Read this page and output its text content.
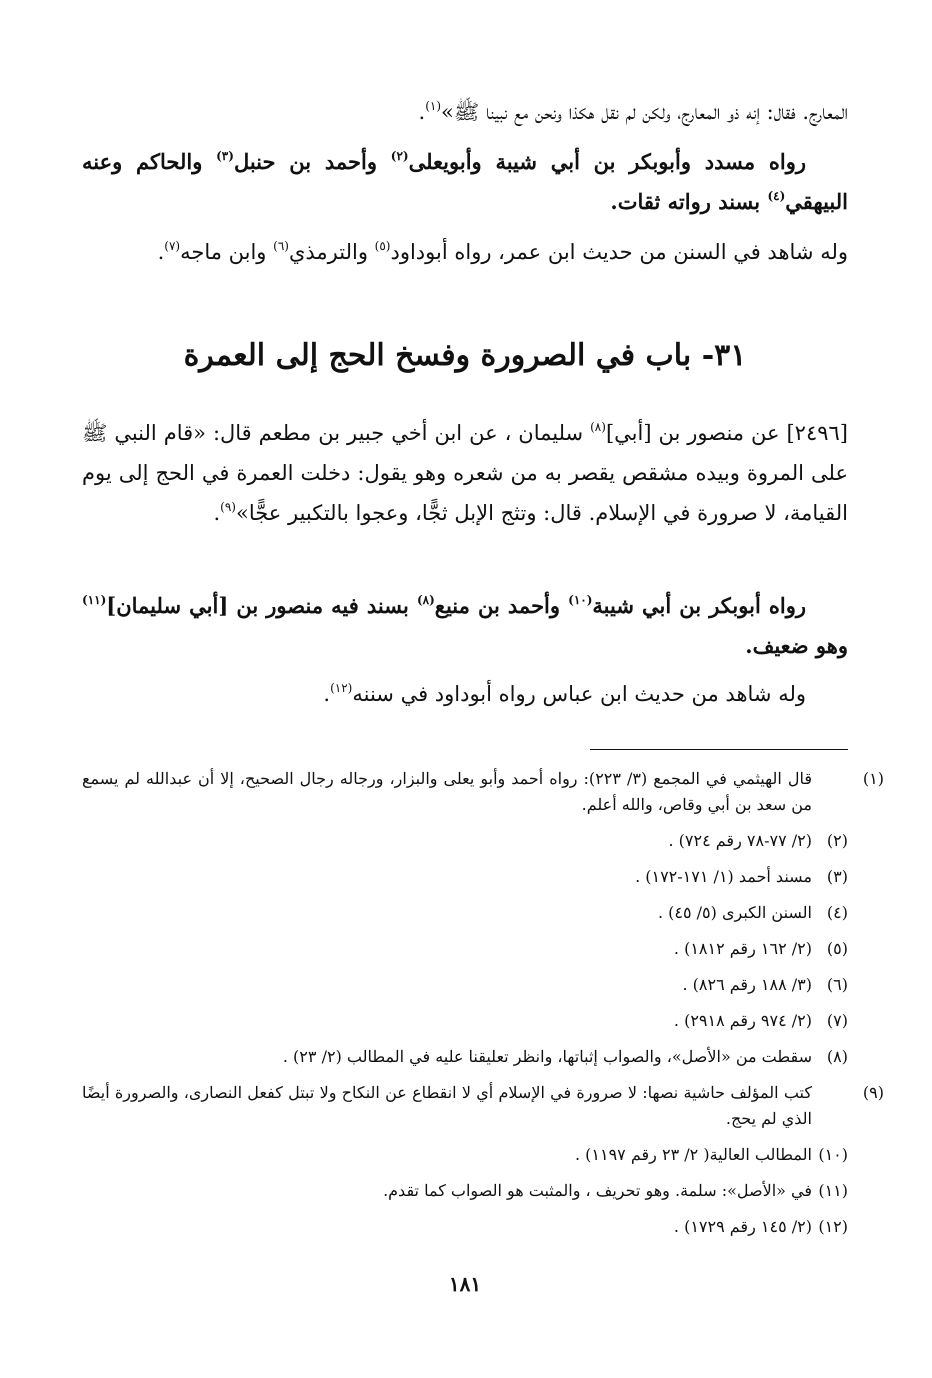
المعارج. فقال: إنه ذو المعارج، ولكن لم نقل هكذا ونحن مع نبينا ﷺ»$^{(١)}$.

رواه مسدد وأبوبكر بن أبي شيبة وأبويعلى$^{(٢)}$ وأحمد بن حنبل$^{(٣)}$ والحاكم وعنه البيهقي$^{(٤)}$ بسند رواته ثقات.

وله شاهد في السنن من حديث ابن عمر، رواه أبوداود$^{(٥)}$ والترمذي$^{(٦)}$ وابن ماجه$^{(٧)}$.

٣١- باب في الصرورة وفسخ الحج إلى العمرة

[٢٤٩٦] عن منصور بن [أبي]$^{(٨)}$ سليمان ، عن ابن أخي جبير بن مطعم قال: «قام النبي ﷺ على المروة وبيده مشقص يقصر به من شعره وهو يقول: دخلت العمرة في الحج إلى يوم القيامة، لا صرورة في الإسلام. قال: وتثج الإبل ثجًّا، وعجوا بالتكبير عجًّا»$^{(٩)}$.

رواه أبوبكر بن أبي شيبة$^{(١٠)}$ وأحمد بن منيع$^{(٨)}$ بسند فيه منصور بن [أبي سليمان]$^{(١١)}$ وهو ضعيف.

وله شاهد من حديث ابن عباس رواه أبوداود في سننه$^{(١٢)}$.

(١)قال الهيثمي في المجمع (٣/ ٢٢٣): رواه أحمد وأبو يعلى والبزار، ورجاله رجال الصحيح، إلا أن عبدالله لم يسمع من سعد بن أبي وقاص، والله أعلم.
(٢)(٢/ ٧٧-٧٨ رقم ٧٢٤) .
(٣)مسند أحمد (١/ ١٧١-١٧٢) .
(٤)السنن الكبرى (٥/ ٤٥) .
(٥)(٢/ ١٦٢ رقم ١٨١٢) .
(٦)(٣/ ١٨٨ رقم ٨٢٦) .
(٧)(٢/ ٩٧٤ رقم ٢٩١٨) .
(٨)سقطت من «الأصل»، والصواب إثباتها، وانظر تعليقنا عليه في المطالب (٢/ ٢٣) .
(٩)كتب المؤلف حاشية نصها: لا صرورة في الإسلام أي لا انقطاع عن النكاح ولا تبتل كفعل النصارى، والصرورة أيضًا الذي لم يحج.
(١٠)المطالب العالية( ٢/ ٢٣ رقم ١١٩٧) .
(١١)في «الأصل»: سلمة. وهو تحريف ، والمثبت هو الصواب كما تقدم.
(١٢)(٢/ ١٤٥ رقم ١٧٢٩) .
١٨١
